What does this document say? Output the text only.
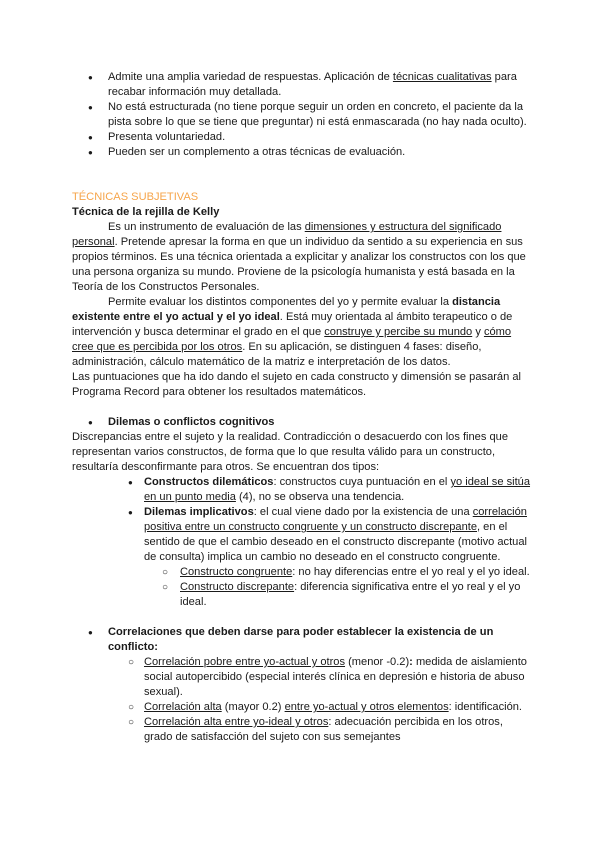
● Admite una amplia variedad de respuestas. Aplicación de técnicas cualitativas para recabar información muy detallada.
● No está estructurada (no tiene porque seguir un orden en concreto, el paciente da la pista sobre lo que se tiene que preguntar) ni está enmascarada (no hay nada oculto).
● Presenta voluntariedad.
● Pueden ser un complemento a otras técnicas de evaluación.

TÉCNICAS SUBJETIVAS

Técnica de la rejilla de Kelly

Es un instrumento de evaluación de las dimensiones y estructura del significado personal. Pretende apresar la forma en que un individuo da sentido a su experiencia en sus propios términos. Es una técnica orientada a explicitar y analizar los constructos con los que una persona organiza su mundo. Proviene de la psicología humanista y está basada en la Teoría de los Constructos Personales.

Permite evaluar los distintos componentes del yo y permite evaluar la distancia existente entre el yo actual y el yo ideal. Está muy orientada al ámbito terapeutico o de intervención y busca determinar el grado en el que construye y percibe su mundo y cómo cree que es percibida por los otros. En su aplicación, se distinguen 4 fases: diseño, administración, cálculo matemático de la matriz e interpretación de los datos.

Las puntuaciones que ha ido dando el sujeto en cada constructo y dimensión se pasarán al Programa Record para obtener los resultados matemáticos.

● Dilemas o conflictos cognitivos

Discrepancias entre el sujeto y la realidad. Contradicción o desacuerdo con los fines que representan varios constructos, de forma que lo que resulta válido para un constructo, resultaría desconfirmante para otros. Se encuentran dos tipos:

● Constructos dilemáticos: constructos cuya puntuación en el yo ideal se sitúa en un punto media (4), no se observa una tendencia.
● Dilemas implicativos: el cual viene dado por la existencia de una correlación positiva entre un constructo congruente y un constructo discrepante, en el sentido de que el cambio deseado en el constructo discrepante (motivo actual de consulta) implica un cambio no deseado en el constructo congruente.
○ Constructo congruente: no hay diferencias entre el yo real y el yo ideal.
○ Constructo discrepante: diferencia significativa entre el yo real y el yo ideal.
● Correlaciones que deben darse para poder establecer la existencia de un conflicto:
○ Correlación pobre entre yo-actual y otros (menor -0.2): medida de aislamiento social autopercibido (especial interés clínica en depresión e historia de abuso sexual).
○ Correlación alta (mayor 0.2) entre yo-actual y otros elementos: identificación.
○ Correlación alta entre yo-ideal y otros: adecuación percibida en los otros, grado de satisfacción del sujeto con sus semejantes
